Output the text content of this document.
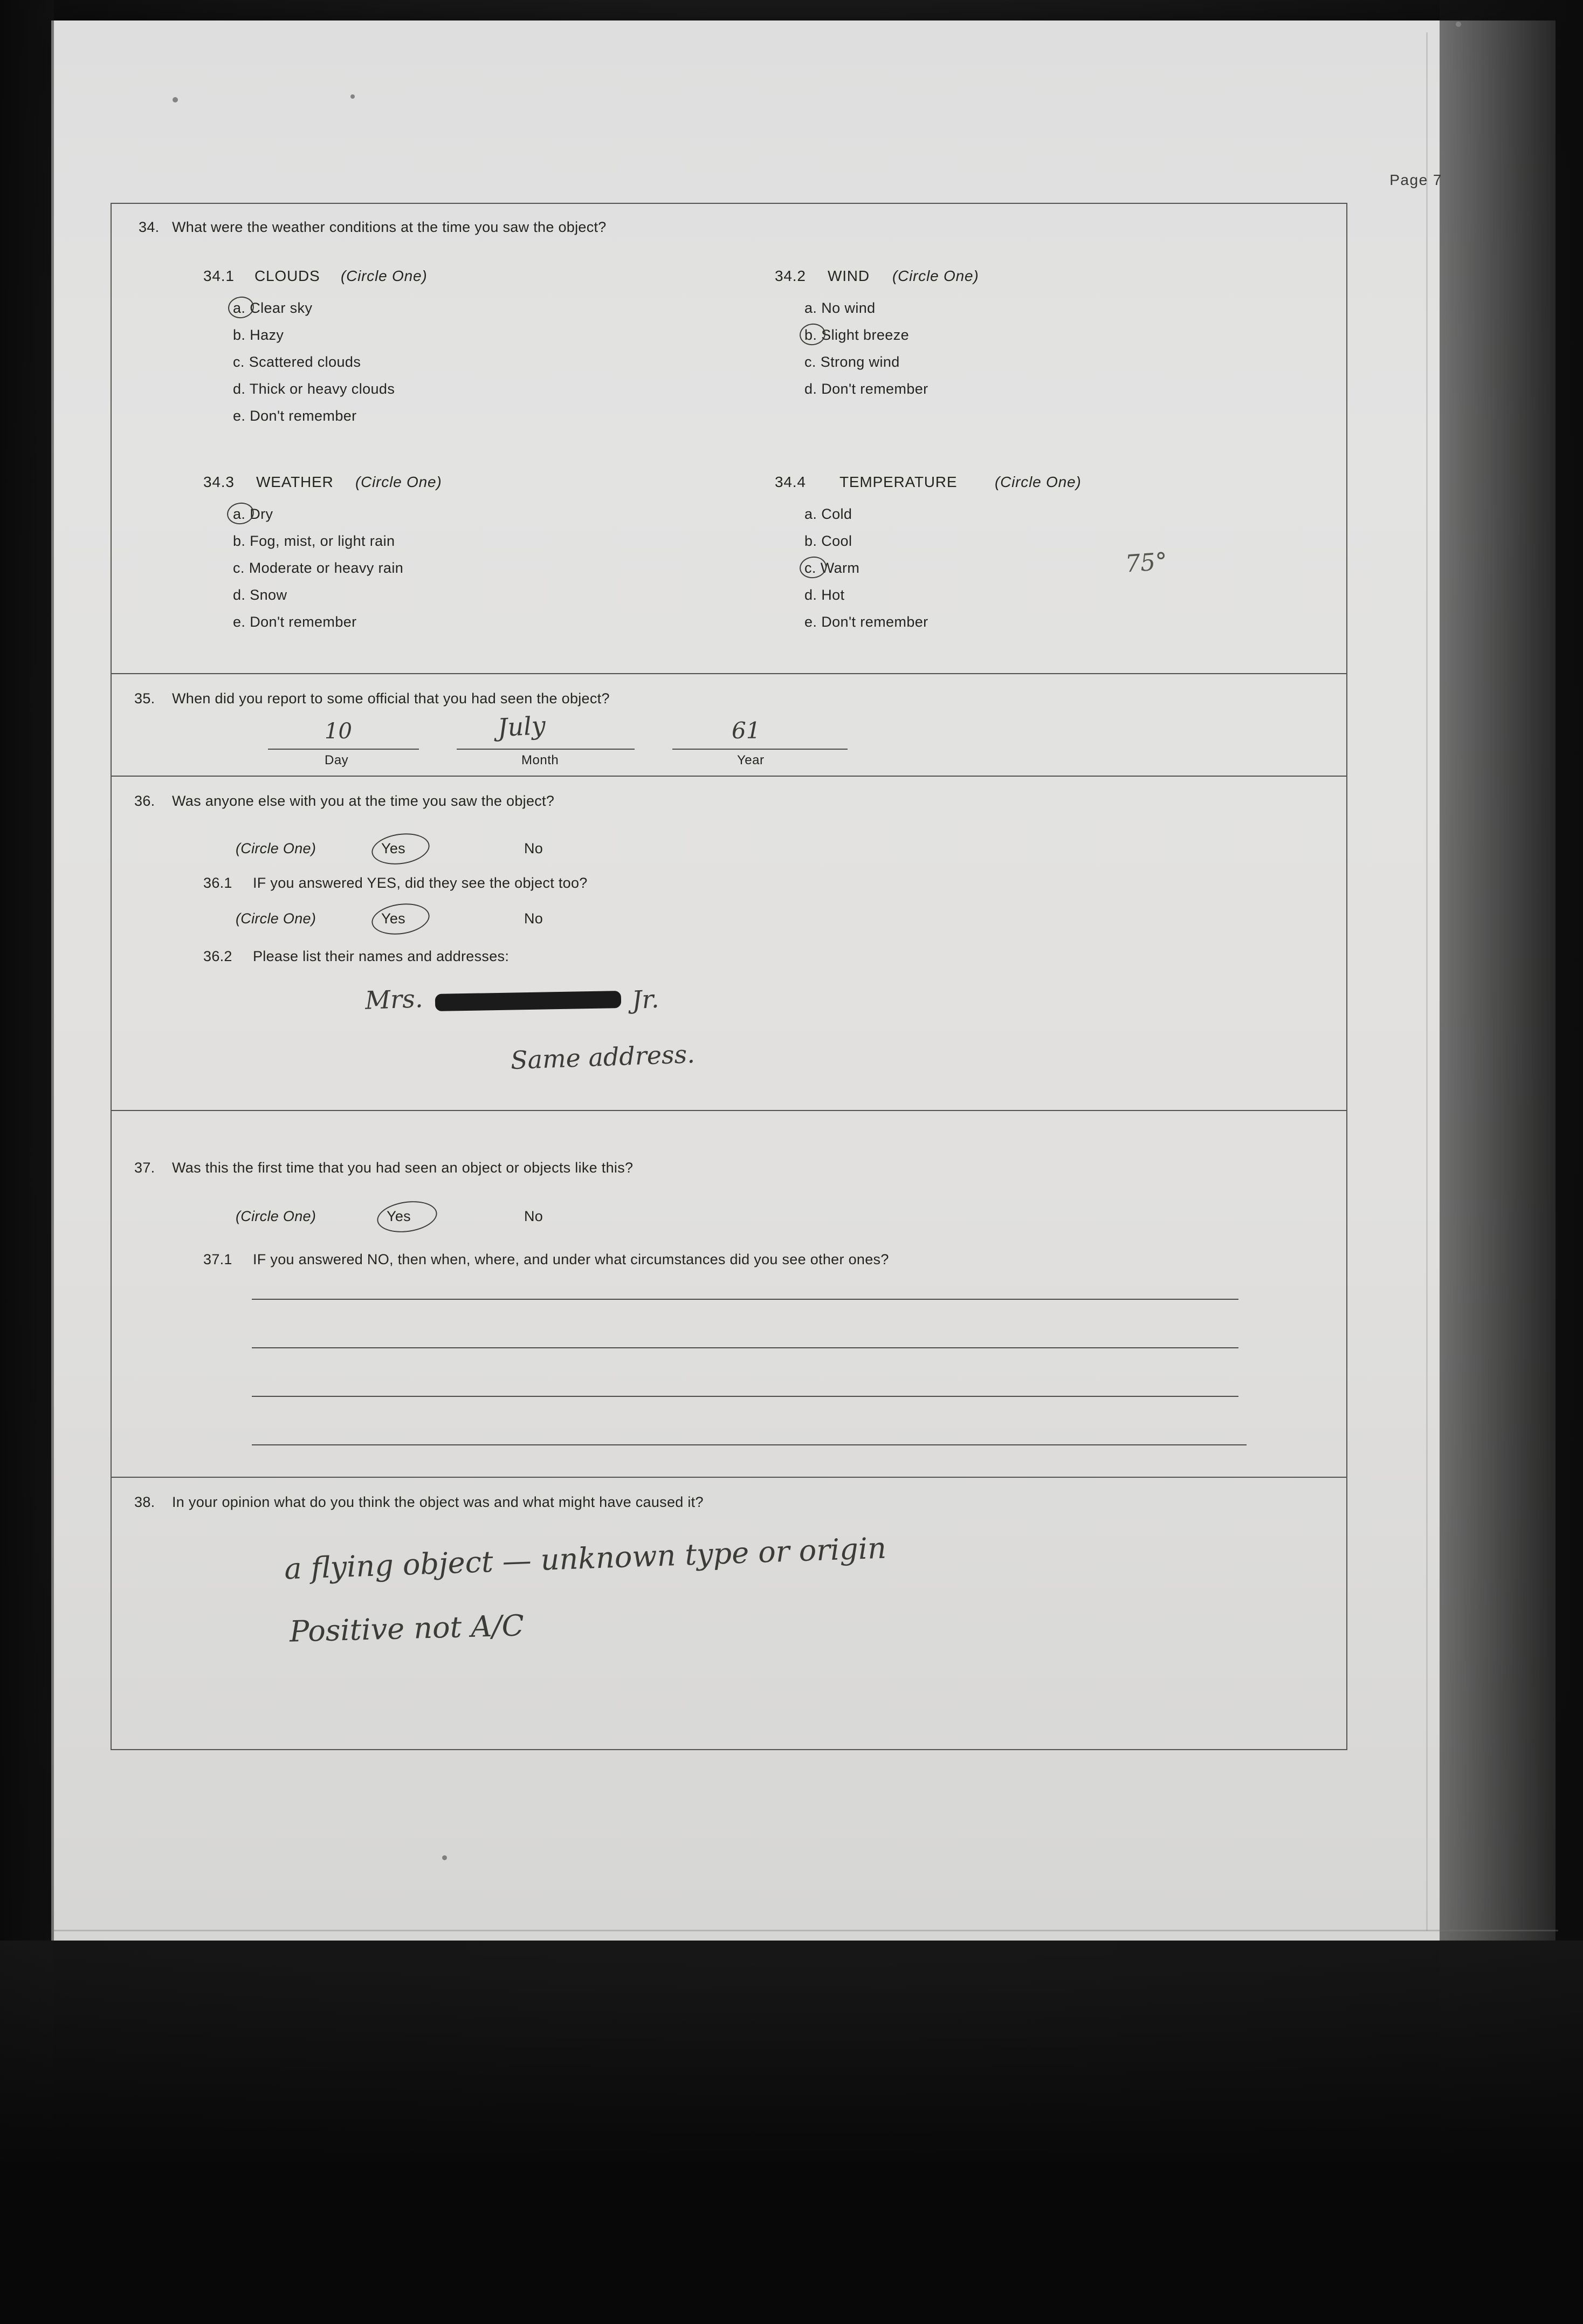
Page 7
34. What were the weather conditions at the time you saw the object?
34.1 CLOUDS (Circle One)
a. Clear sky
b. Hazy
c. Scattered clouds
d. Thick or heavy clouds
e. Don't remember
34.2 WIND (Circle One)
a. No wind
b. Slight breeze
c. Strong wind
d. Don't remember
34.3 WEATHER (Circle One)
a. Dry
b. Fog, mist, or light rain
c. Moderate or heavy rain
d. Snow
e. Don't remember
34.4 TEMPERATURE (Circle One)
a. Cold
b. Cool
c. Warm
d. Hot
e. Don't remember
75°
35. When did you report to some official that you had seen the object?
10
Day
July
Month
61
Year
36. Was anyone else with you at the time you saw the object?
(Circle One)	Yes	No
36.1 IF you answered YES, did they see the object too?
(Circle One)	Yes	No
36.2 Please list their names and addresses:
Mrs.	Jr.
Same address.
37. Was this the first time that you had seen an object or objects like this?
(Circle One)	Yes	No
37.1 IF you answered NO, then when, where, and under what circumstances did you see other ones?
38. In your opinion what do you think the object was and what might have caused it?
a flying object — unknown type or origin
Positive not A/C
